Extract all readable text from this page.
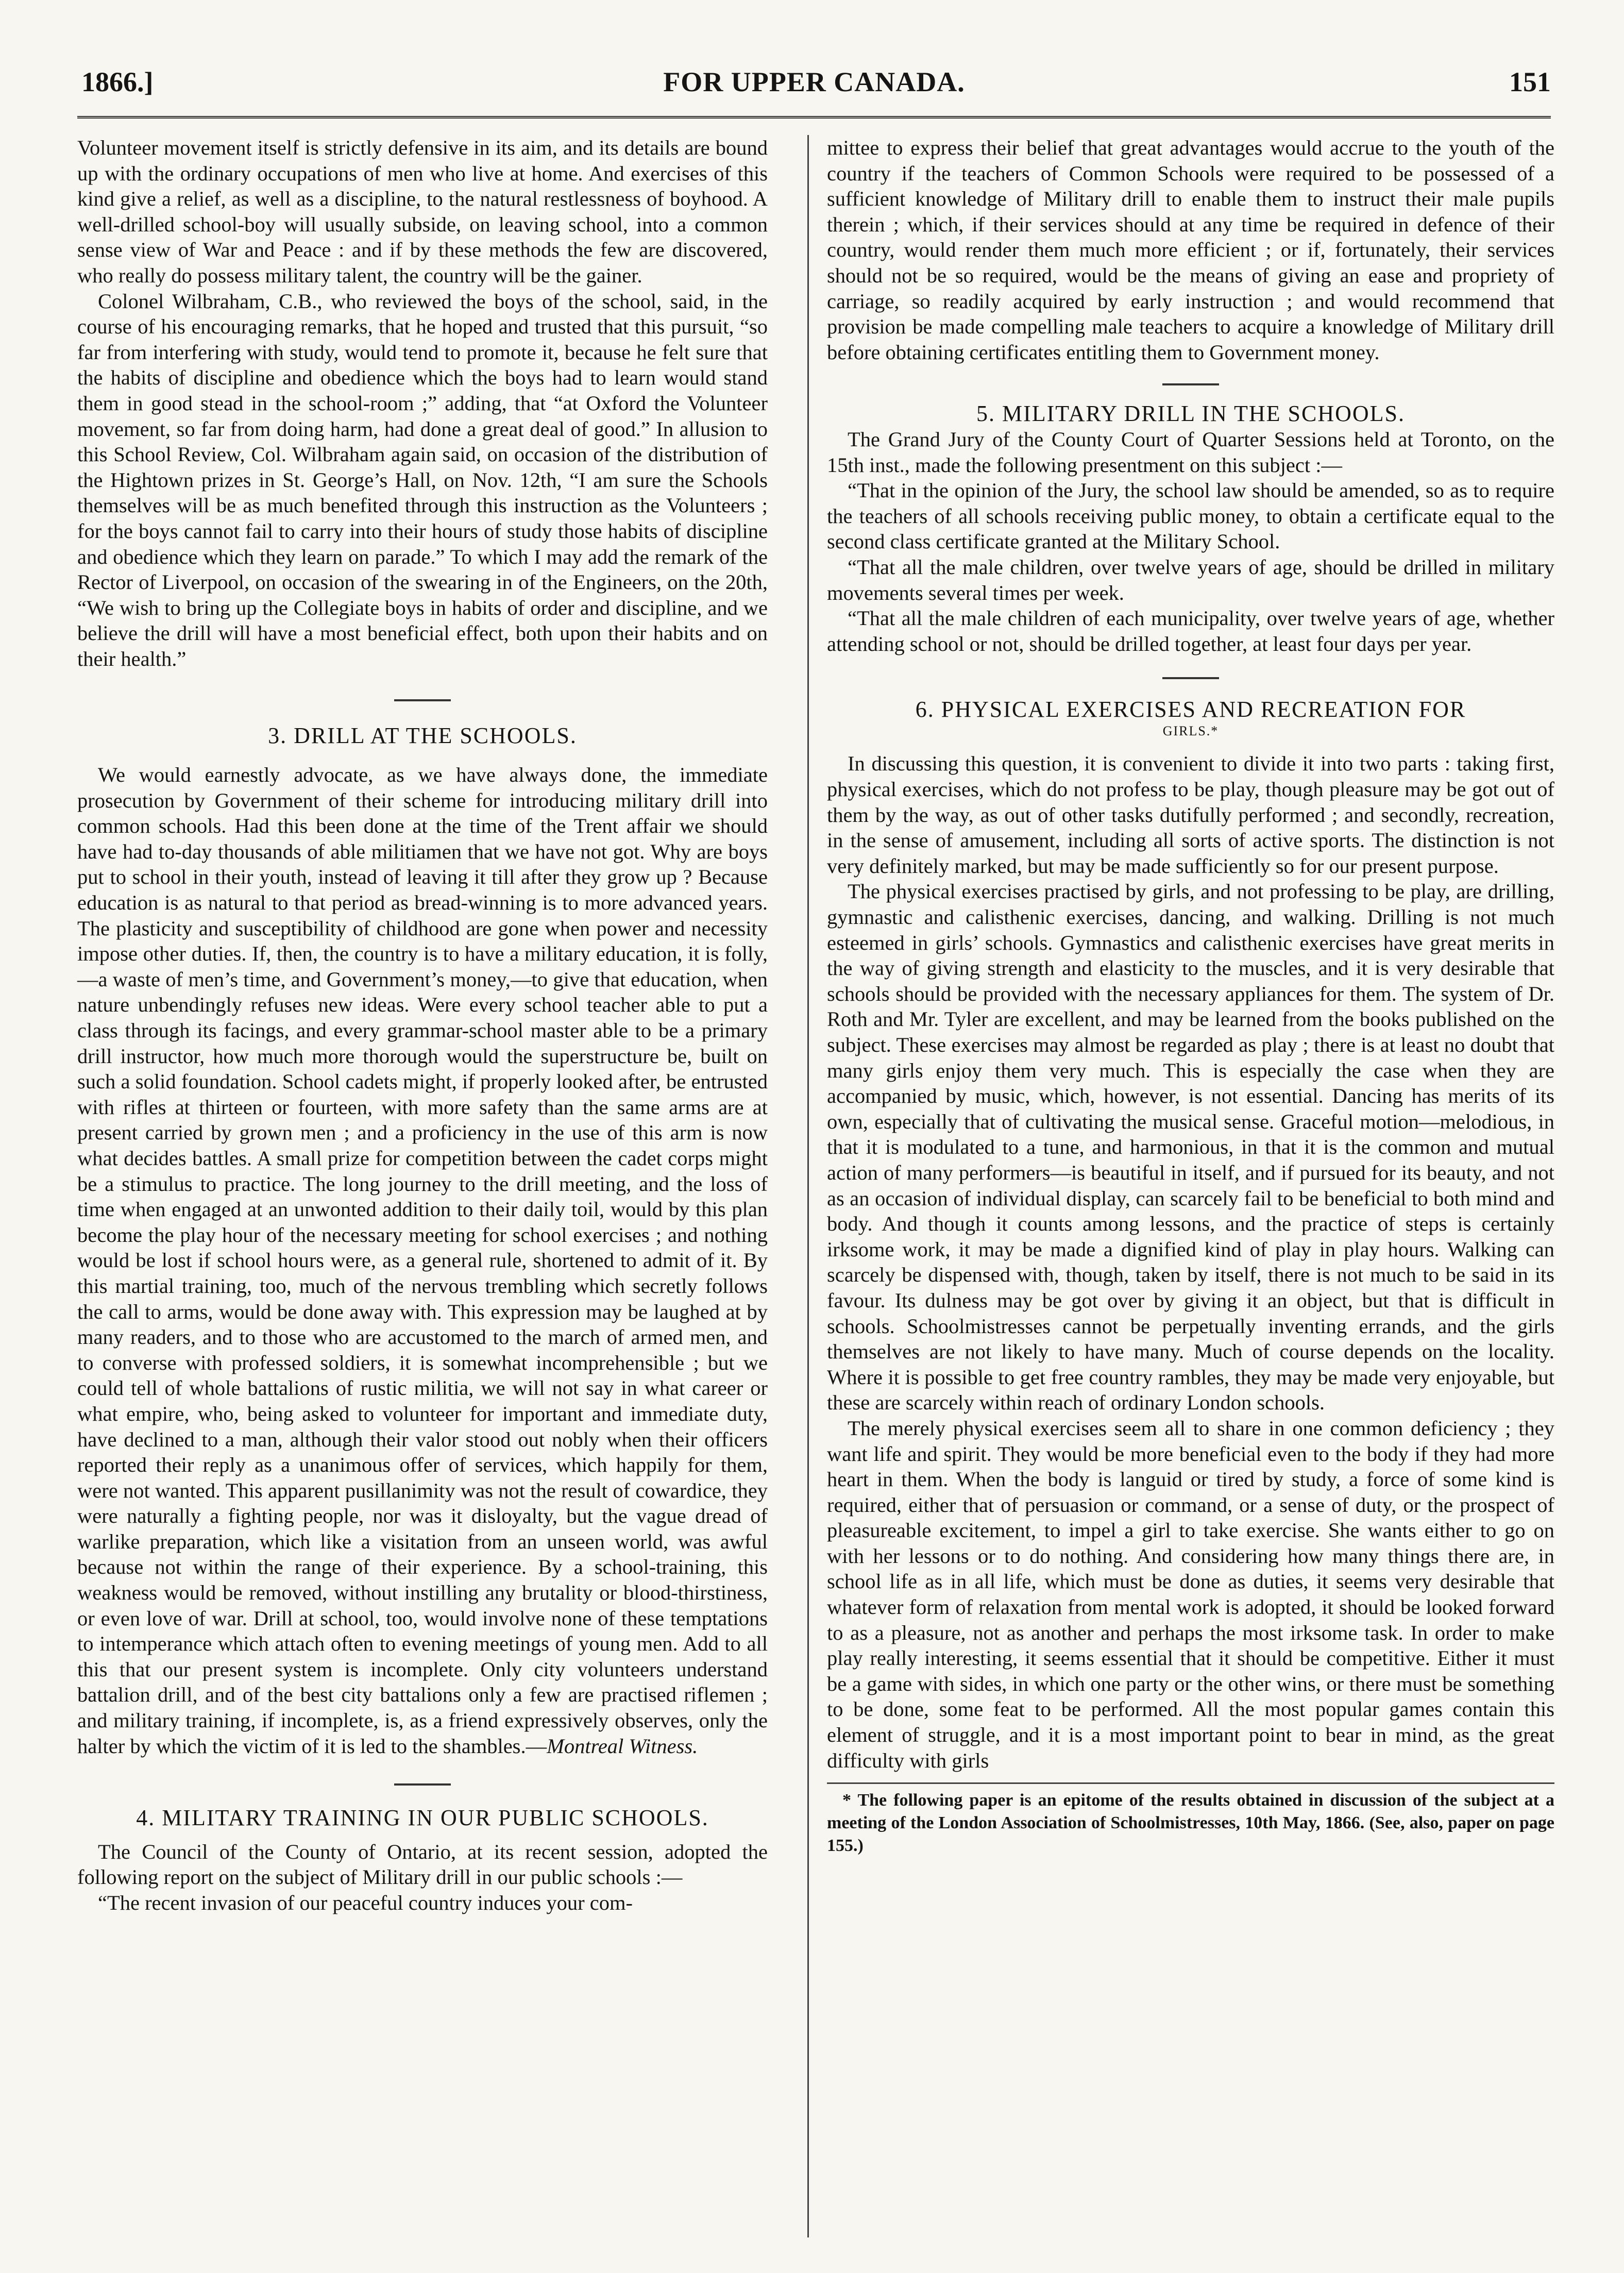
1866.]	FOR UPPER CANADA.	151

Volunteer movement itself is strictly defensive in its aim, and its details are bound up with the ordinary occupations of men who live at home. And exercises of this kind give a relief, as well as a discipline, to the natural restlessness of boyhood. A well-drilled school-boy will usually subside, on leaving school, into a common sense view of War and Peace : and if by these methods the few are discovered, who really do possess military talent, the country will be the gainer.

Colonel Wilbraham, C.B., who reviewed the boys of the school, said, in the course of his encouraging remarks, that he hoped and trusted that this pursuit, “so far from interfering with study, would tend to promote it, because he felt sure that the habits of discipline and obedience which the boys had to learn would stand them in good stead in the school-room ;” adding, that “at Oxford the Volunteer movement, so far from doing harm, had done a great deal of good.” In allusion to this School Review, Col. Wilbraham again said, on occasion of the distribution of the Hightown prizes in St. George’s Hall, on Nov. 12th, “I am sure the Schools themselves will be as much benefited through this instruction as the Volunteers ; for the boys cannot fail to carry into their hours of study those habits of discipline and obedience which they learn on parade.” To which I may add the remark of the Rector of Liverpool, on occasion of the swearing in of the Engineers, on the 20th, “We wish to bring up the Collegiate boys in habits of order and discipline, and we believe the drill will have a most beneficial effect, both upon their habits and on their health.”

3. DRILL AT THE SCHOOLS.

We would earnestly advocate, as we have always done, the immediate prosecution by Government of their scheme for introducing military drill into common schools. Had this been done at the time of the Trent affair we should have had to-day thousands of able militiamen that we have not got. Why are boys put to school in their youth, instead of leaving it till after they grow up ? Because education is as natural to that period as bread-winning is to more advanced years. The plasticity and susceptibility of childhood are gone when power and necessity impose other duties. If, then, the country is to have a military education, it is folly,—a waste of men’s time, and Government’s money,—to give that education, when nature unbendingly refuses new ideas. Were every school teacher able to put a class through its facings, and every grammar-school master able to be a primary drill instructor, how much more thorough would the superstructure be, built on such a solid foundation. School cadets might, if properly looked after, be entrusted with rifles at thirteen or fourteen, with more safety than the same arms are at present carried by grown men ; and a proficiency in the use of this arm is now what decides battles. A small prize for competition between the cadet corps might be a stimulus to practice. The long journey to the drill meeting, and the loss of time when engaged at an unwonted addition to their daily toil, would by this plan become the play hour of the necessary meeting for school exercises ; and nothing would be lost if school hours were, as a general rule, shortened to admit of it. By this martial training, too, much of the nervous trembling which secretly follows the call to arms, would be done away with. This expression may be laughed at by many readers, and to those who are accustomed to the march of armed men, and to converse with professed soldiers, it is somewhat incomprehensible ; but we could tell of whole battalions of rustic militia, we will not say in what career or what empire, who, being asked to volunteer for important and immediate duty, have declined to a man, although their valor stood out nobly when their officers reported their reply as a unanimous offer of services, which happily for them, were not wanted. This apparent pusillanimity was not the result of cowardice, they were naturally a fighting people, nor was it disloyalty, but the vague dread of warlike preparation, which like a visitation from an unseen world, was awful because not within the range of their experience. By a school-training, this weakness would be removed, without instilling any brutality or blood-thirstiness, or even love of war. Drill at school, too, would involve none of these temptations to intemperance which attach often to evening meetings of young men. Add to all this that our present system is incomplete. Only city volunteers understand battalion drill, and of the best city battalions only a few are practised riflemen ; and military training, if incomplete, is, as a friend expressively observes, only the halter by which the victim of it is led to the shambles.—Montreal Witness.

4. MILITARY TRAINING IN OUR PUBLIC SCHOOLS.

The Council of the County of Ontario, at its recent session, adopted the following report on the subject of Military drill in our public schools :—

“The recent invasion of our peaceful country induces your com-

mittee to express their belief that great advantages would accrue to the youth of the country if the teachers of Common Schools were required to be possessed of a sufficient knowledge of Military drill to enable them to instruct their male pupils therein ; which, if their services should at any time be required in defence of their country, would render them much more efficient ; or if, fortunately, their services should not be so required, would be the means of giving an ease and propriety of carriage, so readily acquired by early instruction ; and would recommend that provision be made compelling male teachers to acquire a knowledge of Military drill before obtaining certificates entitling them to Government money.

5. MILITARY DRILL IN THE SCHOOLS.

The Grand Jury of the County Court of Quarter Sessions held at Toronto, on the 15th inst., made the following presentment on this subject :—

“That in the opinion of the Jury, the school law should be amended, so as to require the teachers of all schools receiving public money, to obtain a certificate equal to the second class certificate granted at the Military School.

“That all the male children, over twelve years of age, should be drilled in military movements several times per week.

“That all the male children of each municipality, over twelve years of age, whether attending school or not, should be drilled together, at least four days per year.

6. PHYSICAL EXERCISES AND RECREATION FOR

GIRLS.*

In discussing this question, it is convenient to divide it into two parts : taking first, physical exercises, which do not profess to be play, though pleasure may be got out of them by the way, as out of other tasks dutifully performed ; and secondly, recreation, in the sense of amusement, including all sorts of active sports. The distinction is not very definitely marked, but may be made sufficiently so for our present purpose.

The physical exercises practised by girls, and not professing to be play, are drilling, gymnastic and calisthenic exercises, dancing, and walking. Drilling is not much esteemed in girls’ schools. Gymnastics and calisthenic exercises have great merits in the way of giving strength and elasticity to the muscles, and it is very desirable that schools should be provided with the necessary appliances for them. The system of Dr. Roth and Mr. Tyler are excellent, and may be learned from the books published on the subject. These exercises may almost be regarded as play ; there is at least no doubt that many girls enjoy them very much. This is especially the case when they are accompanied by music, which, however, is not essential. Dancing has merits of its own, especially that of cultivating the musical sense. Graceful motion—melodious, in that it is modulated to a tune, and harmonious, in that it is the common and mutual action of many performers—is beautiful in itself, and if pursued for its beauty, and not as an occasion of individual display, can scarcely fail to be beneficial to both mind and body. And though it counts among lessons, and the practice of steps is certainly irksome work, it may be made a dignified kind of play in play hours. Walking can scarcely be dispensed with, though, taken by itself, there is not much to be said in its favour. Its dulness may be got over by giving it an object, but that is difficult in schools. Schoolmistresses cannot be perpetually inventing errands, and the girls themselves are not likely to have many. Much of course depends on the locality. Where it is possible to get free country rambles, they may be made very enjoyable, but these are scarcely within reach of ordinary London schools.

The merely physical exercises seem all to share in one common deficiency ; they want life and spirit. They would be more beneficial even to the body if they had more heart in them. When the body is languid or tired by study, a force of some kind is required, either that of persuasion or command, or a sense of duty, or the prospect of pleasureable excitement, to impel a girl to take exercise. She wants either to go on with her lessons or to do nothing. And considering how many things there are, in school life as in all life, which must be done as duties, it seems very desirable that whatever form of relaxation from mental work is adopted, it should be looked forward to as a pleasure, not as another and perhaps the most irksome task. In order to make play really interesting, it seems essential that it should be competitive. Either it must be a game with sides, in which one party or the other wins, or there must be something to be done, some feat to be performed. All the most popular games contain this element of struggle, and it is a most important point to bear in mind, as the great difficulty with girls

* The following paper is an epitome of the results obtained in discussion of the subject at a meeting of the London Association of Schoolmistresses, 10th May, 1866. (See, also, paper on page 155.)
